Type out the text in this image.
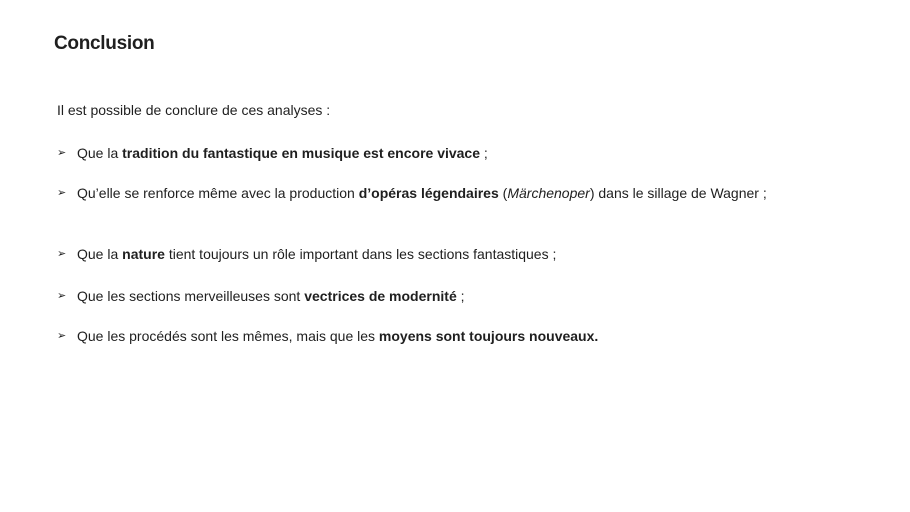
Conclusion
Il est possible de conclure de ces analyses :
➢ Que la tradition du fantastique en musique est encore vivace ;
➢ Qu’elle se renforce même avec la production d’opéras légendaires (Märchenoper) dans le sillage de Wagner ;
➢ Que la nature tient toujours un rôle important dans les sections fantastiques ;
➢ Que les sections merveilleuses sont vectrices de modernité ;
➢ Que les procédés sont les mêmes, mais que les moyens sont toujours nouveaux.
